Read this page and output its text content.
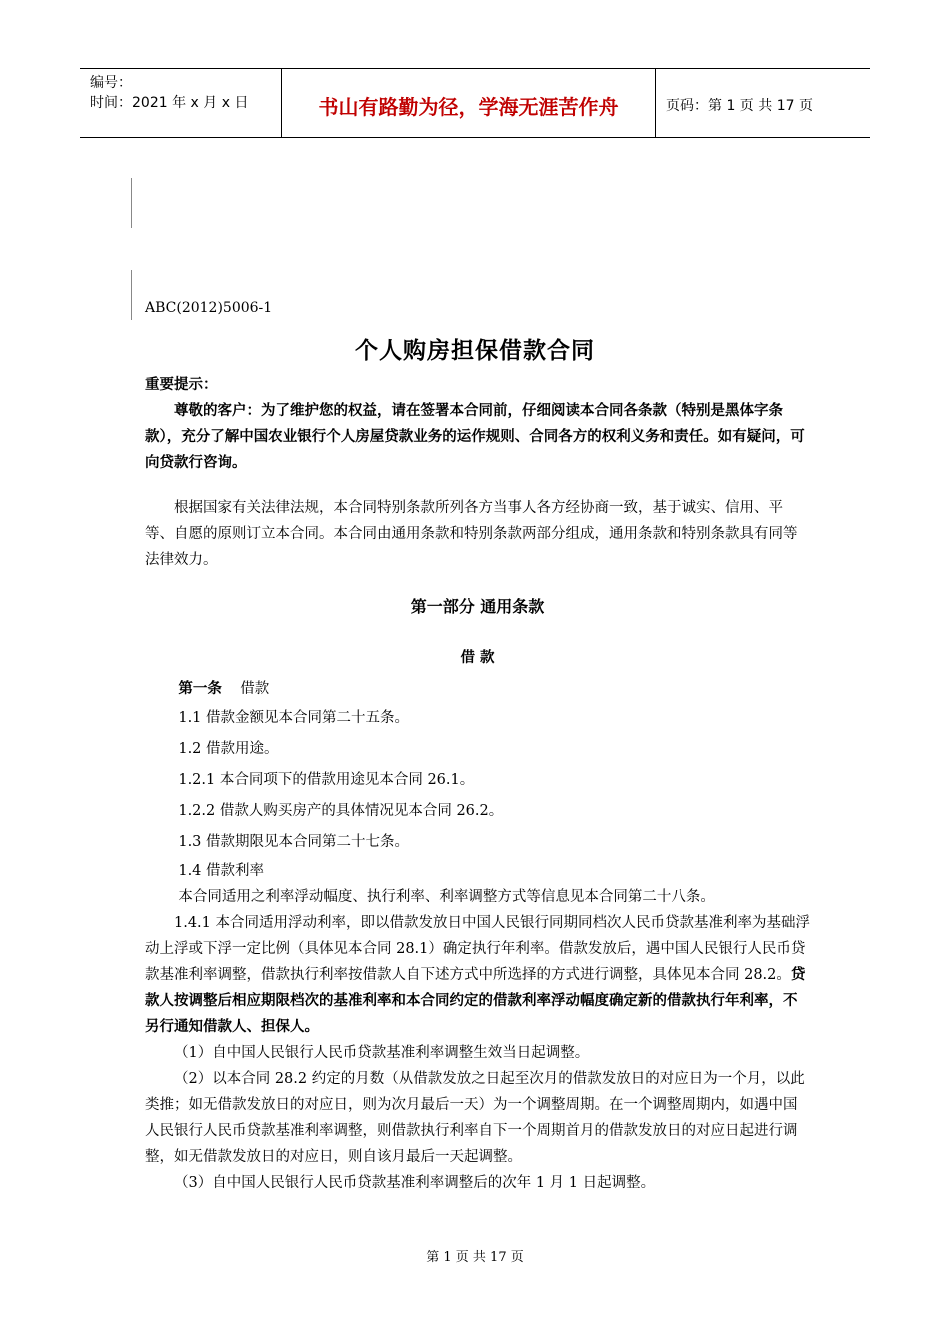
编号：
时间：2021 年 x 月 x 日	书山有路勤为径，学海无涯苦作舟	页码：第 1 页 共 17 页
ABC(2012)5006-1
个人购房担保借款合同

重要提示：

尊敬的客户：为了维护您的权益，请在签署本合同前，仔细阅读本合同各条款（特别是黑体字条款），充分了解中国农业银行个人房屋贷款业务的运作规则、合同各方的权利义务和责任。如有疑问，可向贷款行咨询。

根据国家有关法律法规，本合同特别条款所列各方当事人各方经协商一致，基于诚实、信用、平等、自愿的原则订立本合同。本合同由通用条款和特别条款两部分组成，通用条款和特别条款具有同等法律效力。

第一部分 通用条款
借 款

第一条 借款

1.1 借款金额见本合同第二十五条。

1.2 借款用途。

1.2.1 本合同项下的借款用途见本合同 26.1。

1.2.2 借款人购买房产的具体情况见本合同 26.2。

1.3 借款期限见本合同第二十七条。

1.4 借款利率

本合同适用之利率浮动幅度、执行利率、利率调整方式等信息见本合同第二十八条。

1.4.1 本合同适用浮动利率，即以借款发放日中国人民银行同期同档次人民币贷款基准利率为基础浮动上浮或下浮一定比例（具体见本合同 28.1）确定执行年利率。借款发放后，遇中国人民银行人民币贷款基准利率调整，借款执行利率按借款人自下述方式中所选择的方式进行调整，具体见本合同 28.2。贷款人按调整后相应期限档次的基准利率和本合同约定的借款利率浮动幅度确定新的借款执行年利率，不另行通知借款人、担保人。

（1）自中国人民银行人民币贷款基准利率调整生效当日起调整。

（2）以本合同 28.2 约定的月数（从借款发放之日起至次月的借款发放日的对应日为一个月，以此类推；如无借款发放日的对应日，则为次月最后一天）为一个调整周期。在一个调整周期内，如遇中国人民银行人民币贷款基准利率调整，则借款执行利率自下一个周期首月的借款发放日的对应日起进行调整，如无借款发放日的对应日，则自该月最后一天起调整。

（3）自中国人民银行人民币贷款基准利率调整后的次年 1 月 1 日起调整。

第 1 页 共 17 页
